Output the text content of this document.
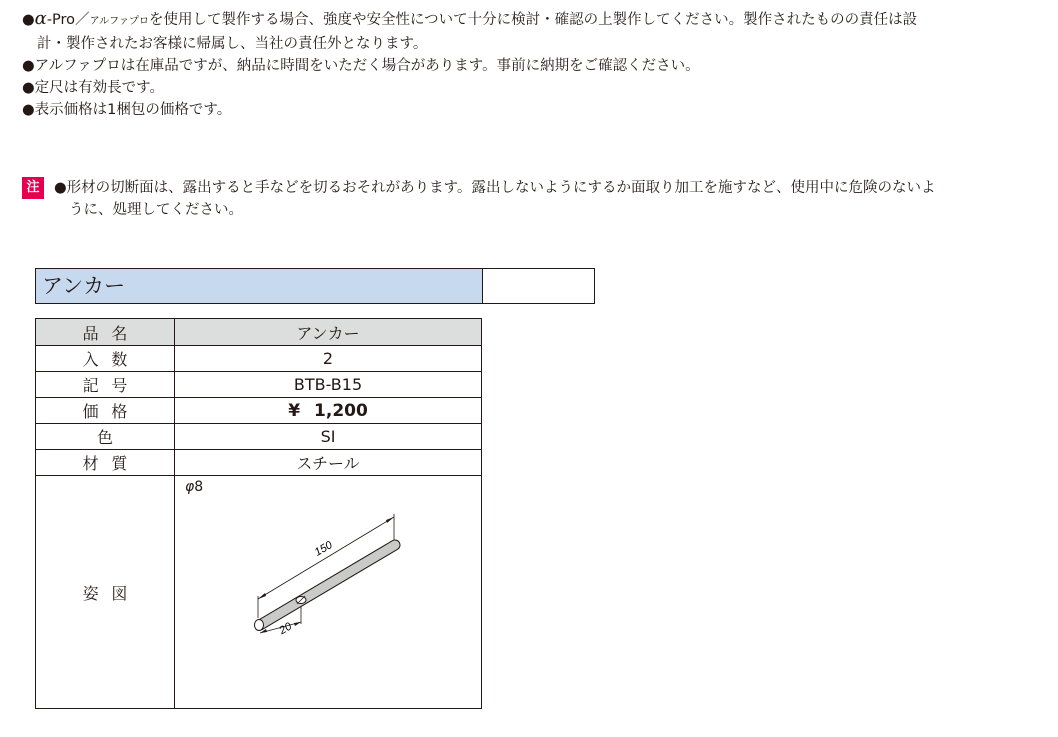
●α-Pro／アルファプロを使用して製作する場合、強度や安全性について十分に検討・確認の上製作してください。製作されたものの責任は設
計・製作されたお客様に帰属し、当社の責任外となります。
●アルファプロは在庫品ですが、納品に時間をいただく場合があります。事前に納期をご確認ください。
●定尺は有効長です。
●表示価格は1梱包の価格です。
注	●形材の切断面は、露出すると手などを切るおそれがあります。露出しないようにするか面取り加工を施すなど、使用中に危険のないよ
うに、処理してください。
アンカー
品名	アンカー
入数	2
記号	BTB-B15
価格	¥ 1,200
色	SI
材質	スチール
姿図	φ8
150
20
